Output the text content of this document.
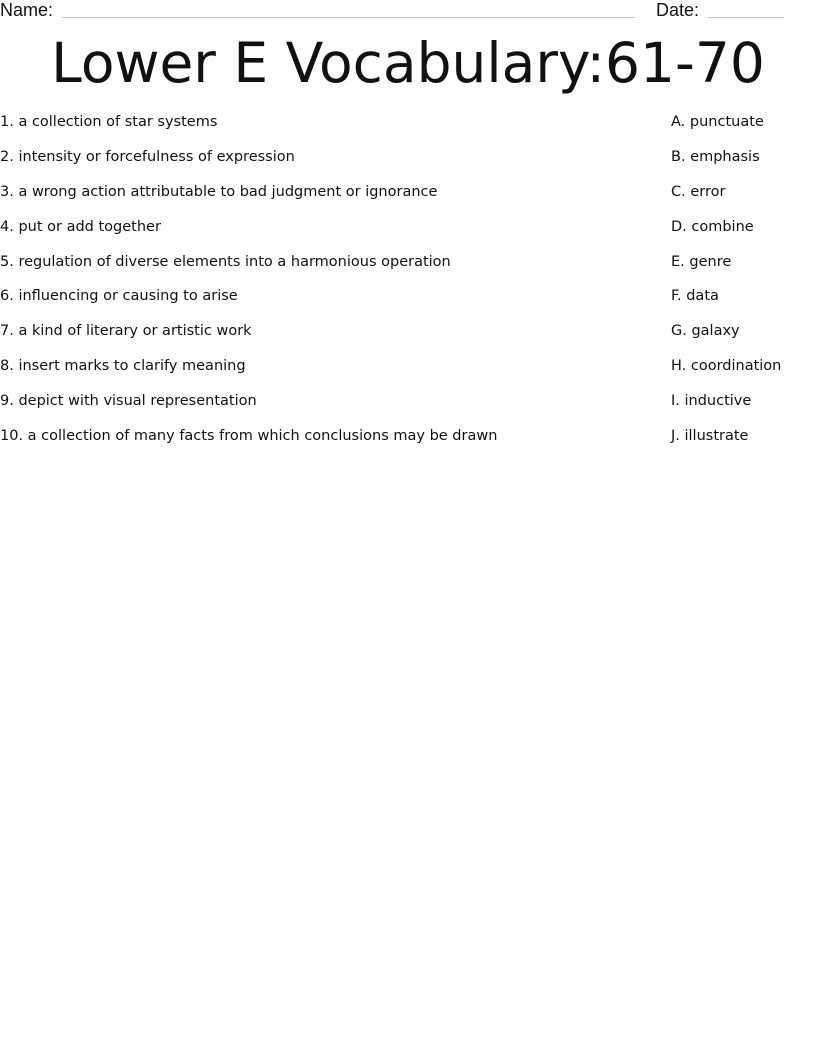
Name:	Date:
Lower E Vocabulary:61-70
1. a collection of star systems
2. intensity or forcefulness of expression
3. a wrong action attributable to bad judgment or ignorance
4. put or add together
5. regulation of diverse elements into a harmonious operation
6. influencing or causing to arise
7. a kind of literary or artistic work
8. insert marks to clarify meaning
9. depict with visual representation
10. a collection of many facts from which conclusions may be drawn
A. punctuate
B. emphasis
C. error
D. combine
E. genre
F. data
G. galaxy
H. coordination
I. inductive
J. illustrate
